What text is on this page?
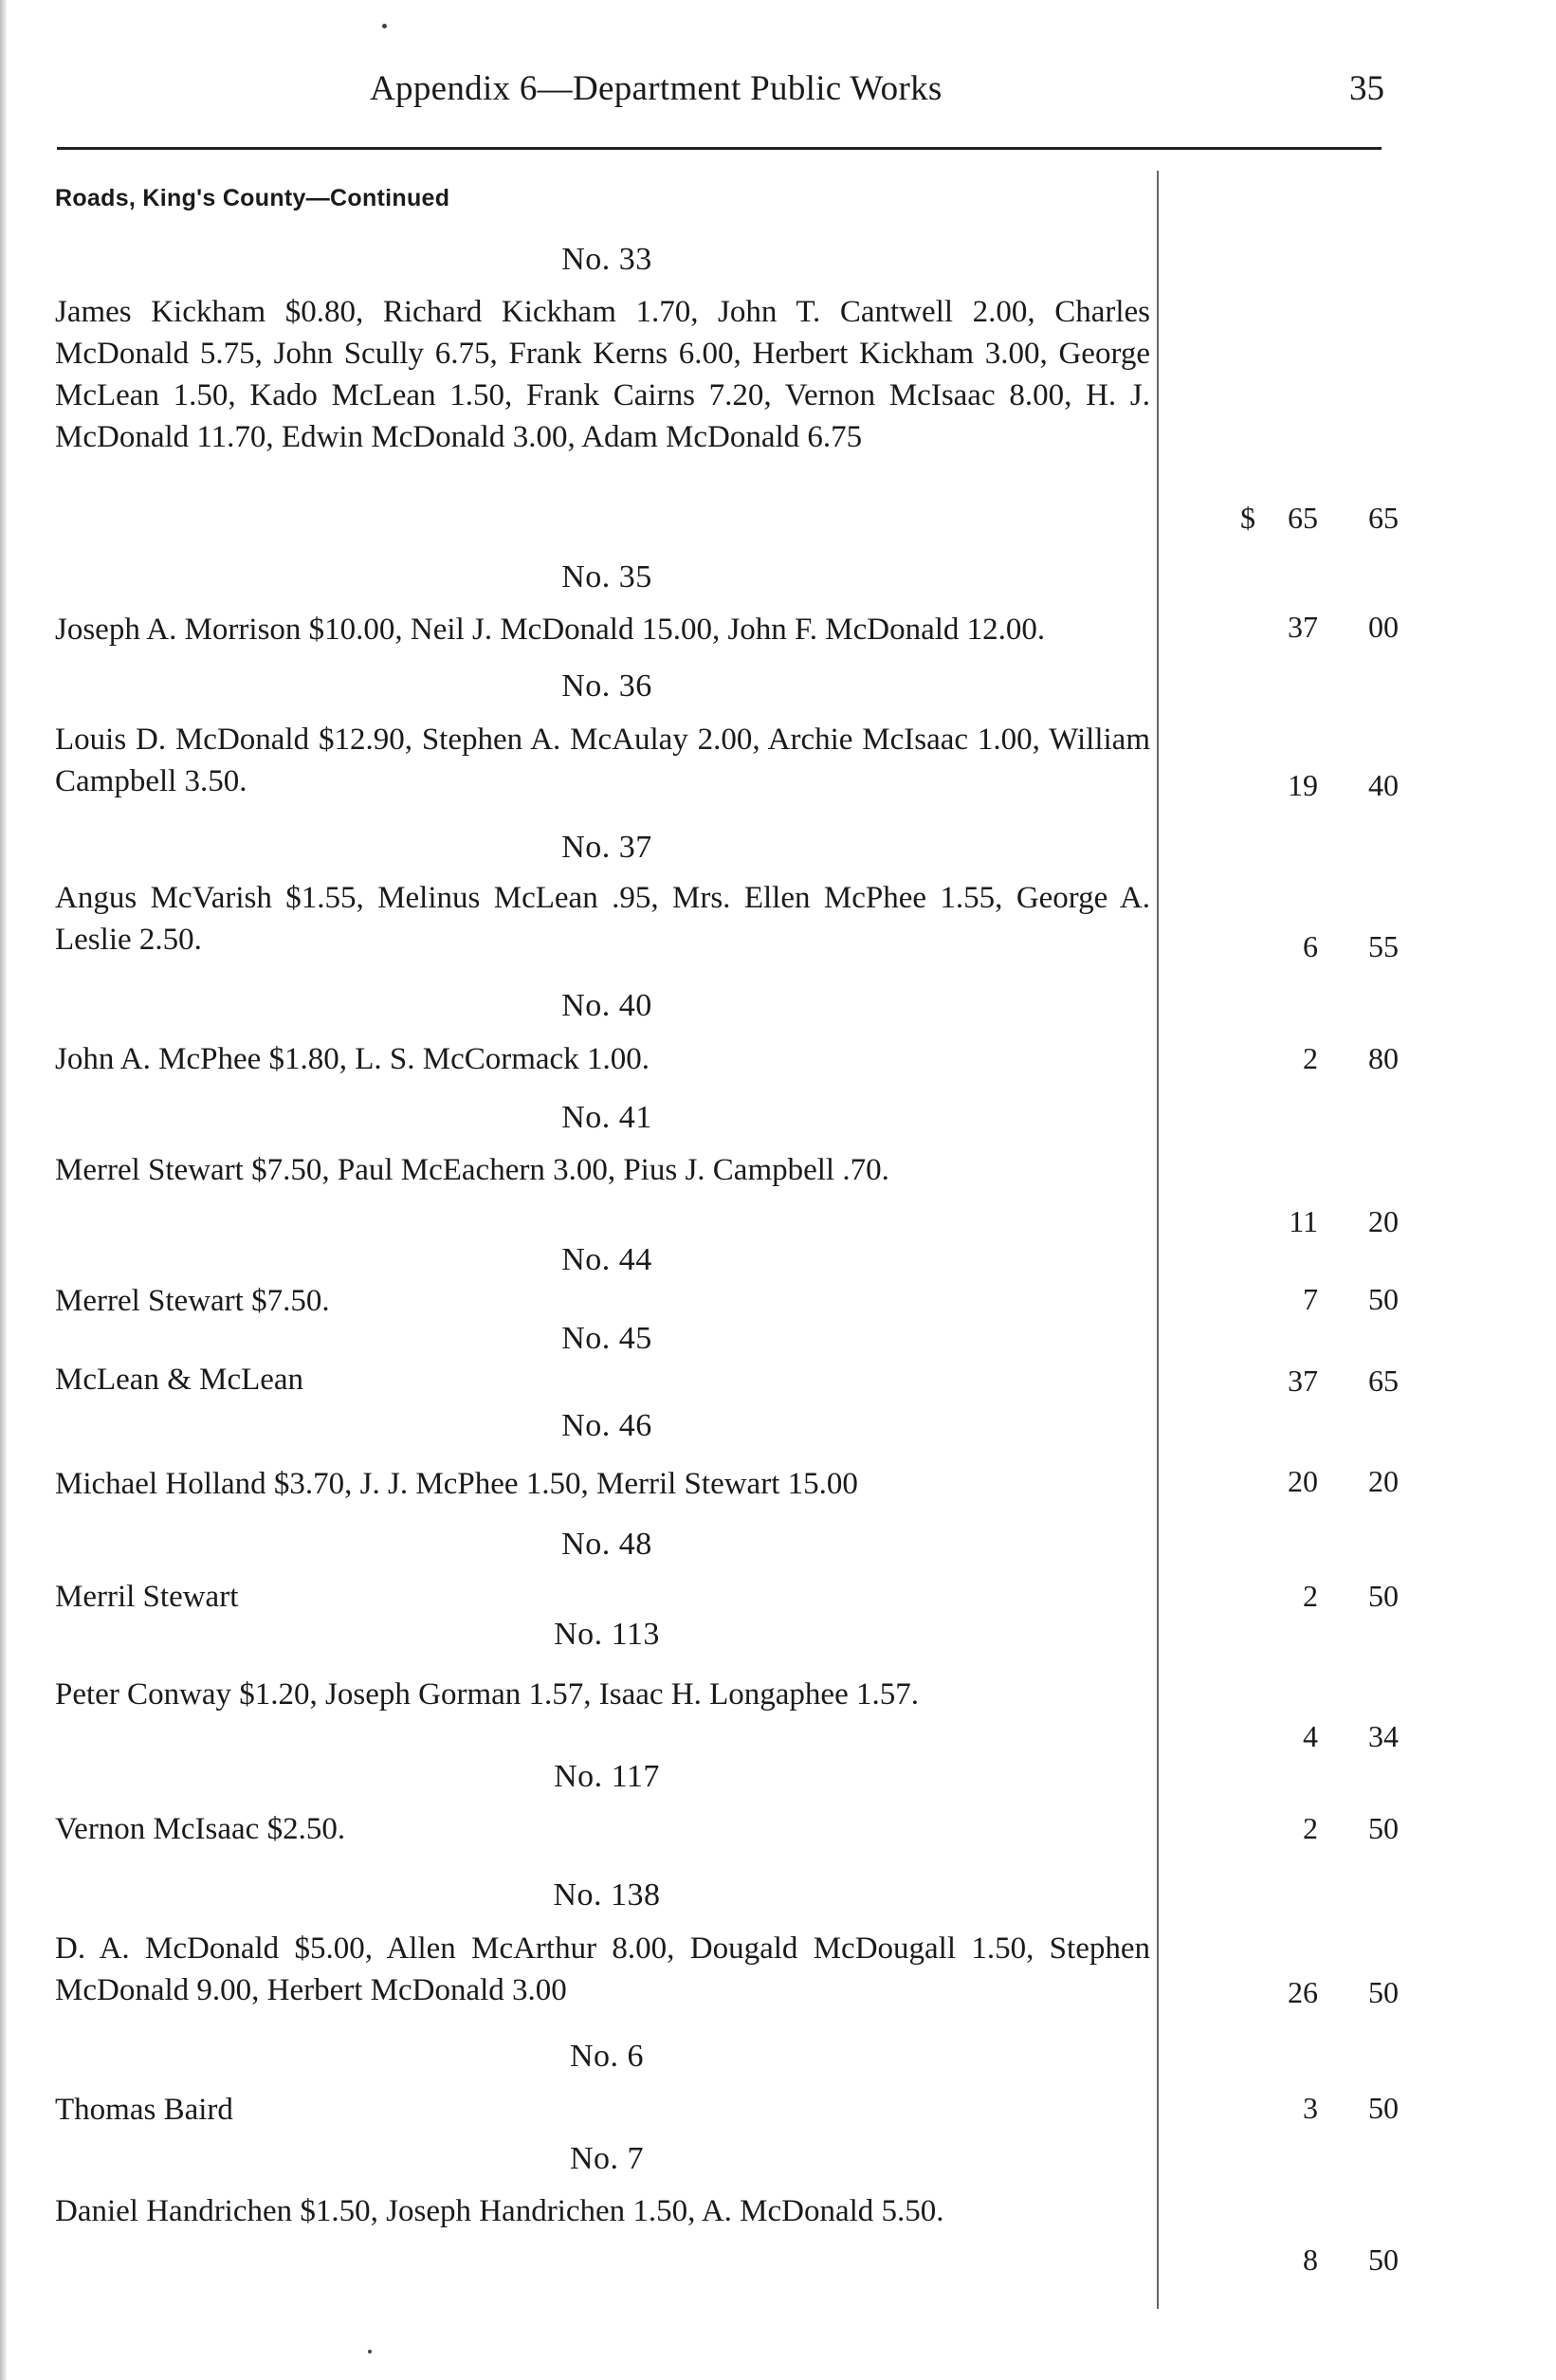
Appendix 6—Department Public Works	35
Roads, King's County—Continued
No. 33
James Kickham $0.80, Richard Kickham 1.70, John T. Cantwell 2.00, Charles McDonald 5.75, John Scully 6.75, Frank Kerns 6.00, Herbert Kickham 3.00, George McLean 1.50, Kado McLean 1.50, Frank Cairns 7.20, Vernon McIsaac 8.00, H. J. McDonald 11.70, Edwin McDonald 3.00, Adam McDonald 6.75
$ 65 65
No. 35
Joseph A. Morrison $10.00, Neil J. McDonald 15.00, John F. McDonald 12.00.	37 00
No. 36
Louis D. McDonald $12.90, Stephen A. McAulay 2.00, Archie McIsaac 1.00, William Campbell 3.50.	19 40
No. 37
Angus McVarish $1.55, Melinus McLean .95, Mrs. Ellen McPhee 1.55, George A. Leslie 2.50.	6 55
No. 40
John A. McPhee $1.80, L. S. McCormack 1.00.	2 80
No. 41
Merrel Stewart $7.50, Paul McEachern 3.00, Pius J. Campbell .70.
11 20
No. 44
Merrel Stewart $7.50.	7 50
No. 45
McLean & McLean	37 65
No. 46
Michael Holland $3.70, J. J. McPhee 1.50, Merril Stewart 15.00	20 20
No. 48
Merril Stewart	2 50
No. 113
Peter Conway $1.20, Joseph Gorman 1.57, Isaac H. Longaphee 1.57.
4 34
No. 117
Vernon McIsaac $2.50.	2 50
No. 138
D. A. McDonald $5.00, Allen McArthur 8.00, Dougald McDougall 1.50, Stephen McDonald 9.00, Herbert McDonald 3.00	26 50
No. 6
Thomas Baird	3 50
No. 7
Daniel Handrichen $1.50, Joseph Handrichen 1.50, A. McDonald 5.50.
8 50
